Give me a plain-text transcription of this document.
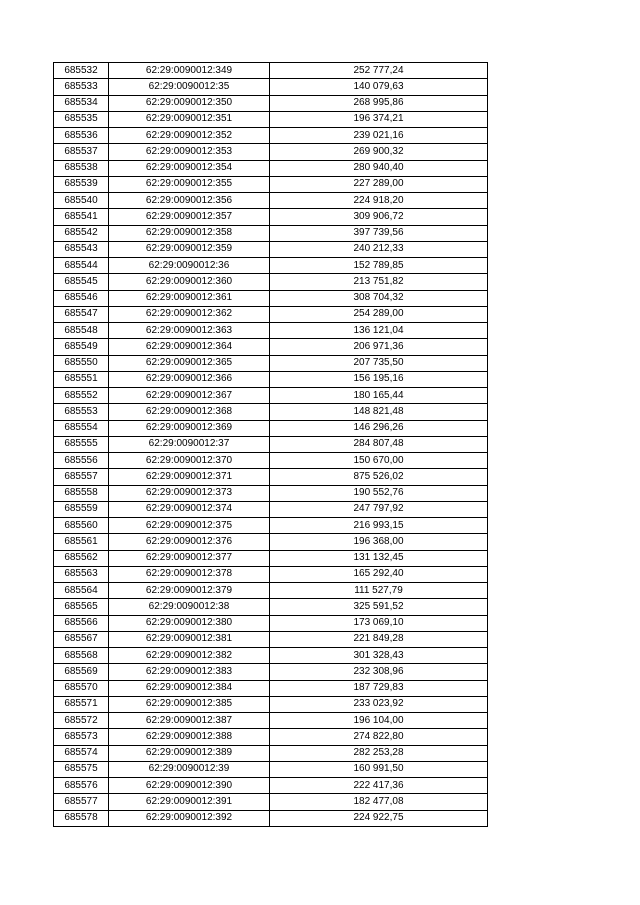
685532	62:29:0090012:349	252 777,24
685533	62:29:0090012:35	140 079,63
685534	62:29:0090012:350	268 995,86
685535	62:29:0090012:351	196 374,21
685536	62:29:0090012:352	239 021,16
685537	62:29:0090012:353	269 900,32
685538	62:29:0090012:354	280 940,40
685539	62:29:0090012:355	227 289,00
685540	62:29:0090012:356	224 918,20
685541	62:29:0090012:357	309 906,72
685542	62:29:0090012:358	397 739,56
685543	62:29:0090012:359	240 212,33
685544	62:29:0090012:36	152 789,85
685545	62:29:0090012:360	213 751,82
685546	62:29:0090012:361	308 704,32
685547	62:29:0090012:362	254 289,00
685548	62:29:0090012:363	136 121,04
685549	62:29:0090012:364	206 971,36
685550	62:29:0090012:365	207 735,50
685551	62:29:0090012:366	156 195,16
685552	62:29:0090012:367	180 165,44
685553	62:29:0090012:368	148 821,48
685554	62:29:0090012:369	146 296,26
685555	62:29:0090012:37	284 807,48
685556	62:29:0090012:370	150 670,00
685557	62:29:0090012:371	875 526,02
685558	62:29:0090012:373	190 552,76
685559	62:29:0090012:374	247 797,92
685560	62:29:0090012:375	216 993,15
685561	62:29:0090012:376	196 368,00
685562	62:29:0090012:377	131 132,45
685563	62:29:0090012:378	165 292,40
685564	62:29:0090012:379	111 527,79
685565	62:29:0090012:38	325 591,52
685566	62:29:0090012:380	173 069,10
685567	62:29:0090012:381	221 849,28
685568	62:29:0090012:382	301 328,43
685569	62:29:0090012:383	232 308,96
685570	62:29:0090012:384	187 729,83
685571	62:29:0090012:385	233 023,92
685572	62:29:0090012:387	196 104,00
685573	62:29:0090012:388	274 822,80
685574	62:29:0090012:389	282 253,28
685575	62:29:0090012:39	160 991,50
685576	62:29:0090012:390	222 417,36
685577	62:29:0090012:391	182 477,08
685578	62:29:0090012:392	224 922,75
